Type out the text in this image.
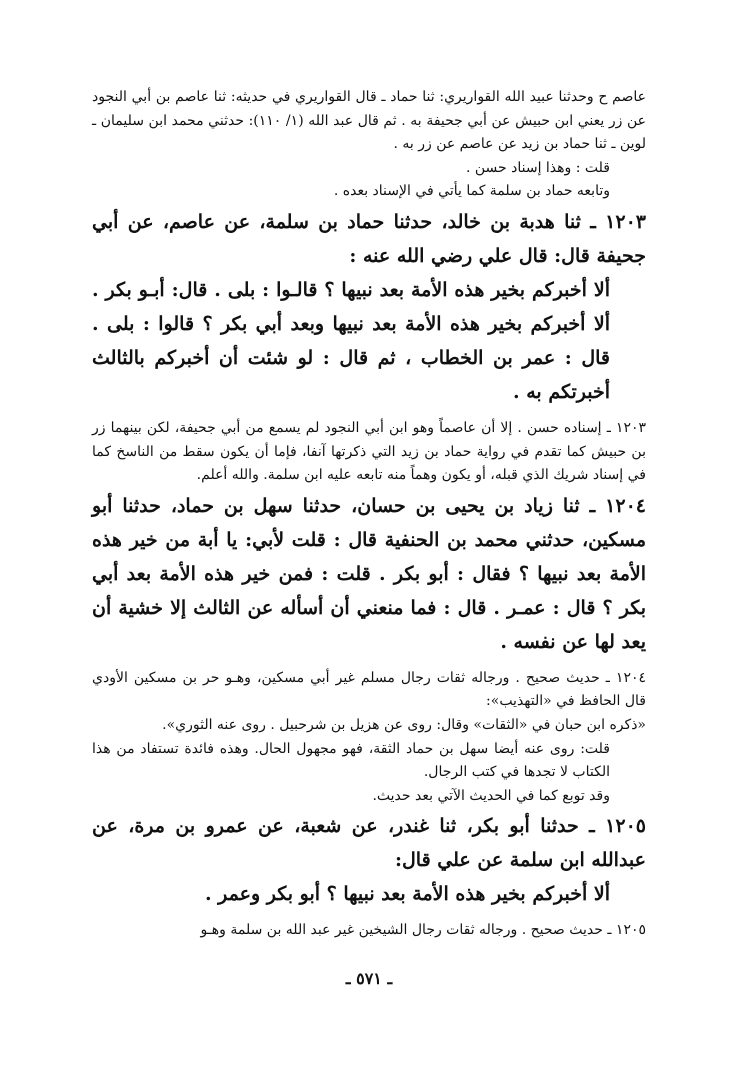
عاصم ح وحدثنا عبيد الله القواريري: ثنا حماد ـ قال القواريري في حديثه: ثنا عاصم بن أبي النجود عن زر يعني ابن حبيش عن أبي جحيفة به . ثم قال عبد الله (١/ ١١٠): حدثني محمد ابن سليمان ـ لوين ـ ثنا حماد بن زيد عن عاصم عن زر به .

قلت : وهذا إسناد حسن .

وتابعه حماد بن سلمة كما يأتي في الإسناد بعده .

١٢٠٣ ـ ثنا هدبة بن خالد، حدثنا حماد بن سلمة، عن عاصم، عن أبي جحيفة قال: قال علي رضي الله عنه :

ألا أخبركم بخير هذه الأمة بعد نبيها ؟ قالـوا : بلى . قال: أبـو بكر . ألا أخبركم بخير هذه الأمة بعد نبيها وبعد أبي بكر ؟ قالوا : بلى . قال : عمر بن الخطاب ، ثم قال : لو شئت أن أخبركم بالثالث أخبرتكم به .

١٢٠٣ ـ إسناده حسن . إلا أن عاصماً وهو ابن أبي النجود لم يسمع من أبي جحيفة، لكن بينهما زر بن حبيش كما تقدم في رواية حماد بن زيد التي ذكرتها آنفا، فإما أن يكون سقط من الناسخ كما في إسناد شريك الذي قبله، أو يكون وهماً منه تابعه عليه ابن سلمة. والله أعلم.

١٢٠٤ ـ ثنا زياد بن يحيى بن حسان، حدثنا سهل بن حماد، حدثنا أبو مسكين، حدثني محمد بن الحنفية قال : قلت لأبي: يا أبة من خير هذه الأمة بعد نبيها ؟ فقال : أبو بكر . قلت : فمن خير هذه الأمة بعد أبي بكر ؟ قال : عمـر . قال : فما منعني أن أسأله عن الثالث إلا خشية أن يعد لها عن نفسه .

١٢٠٤ ـ حديث صحيح . ورجاله ثقات رجال مسلم غير أبي مسكين، وهـو حر بن مسكين الأودي قال الحافظ في «التهذيب»:

«ذكره ابن حبان في «الثقات» وقال: روى عن هزيل بن شرحبيل . روى عنه الثوري».

قلت: روى عنه أيضا سهل بن حماد الثقة، فهو مجهول الحال. وهذه فائدة تستفاد من هذا الكتاب لا تجدها في كتب الرجال.

وقد توبع كما في الحديث الآتي بعد حديث.

١٢٠٥ ـ حدثنا أبو بكر، ثنا غندر، عن شعبة، عن عمرو بن مرة، عن عبدالله ابن سلمة عن علي قال:

ألا أخبركم بخير هذه الأمة بعد نبيها ؟ أبو بكر وعمر .

١٢٠٥ ـ حديث صحيح . ورجاله ثقات رجال الشيخين غير عبد الله بن سلمة وهـو

ـ ٥٧١ ـ
